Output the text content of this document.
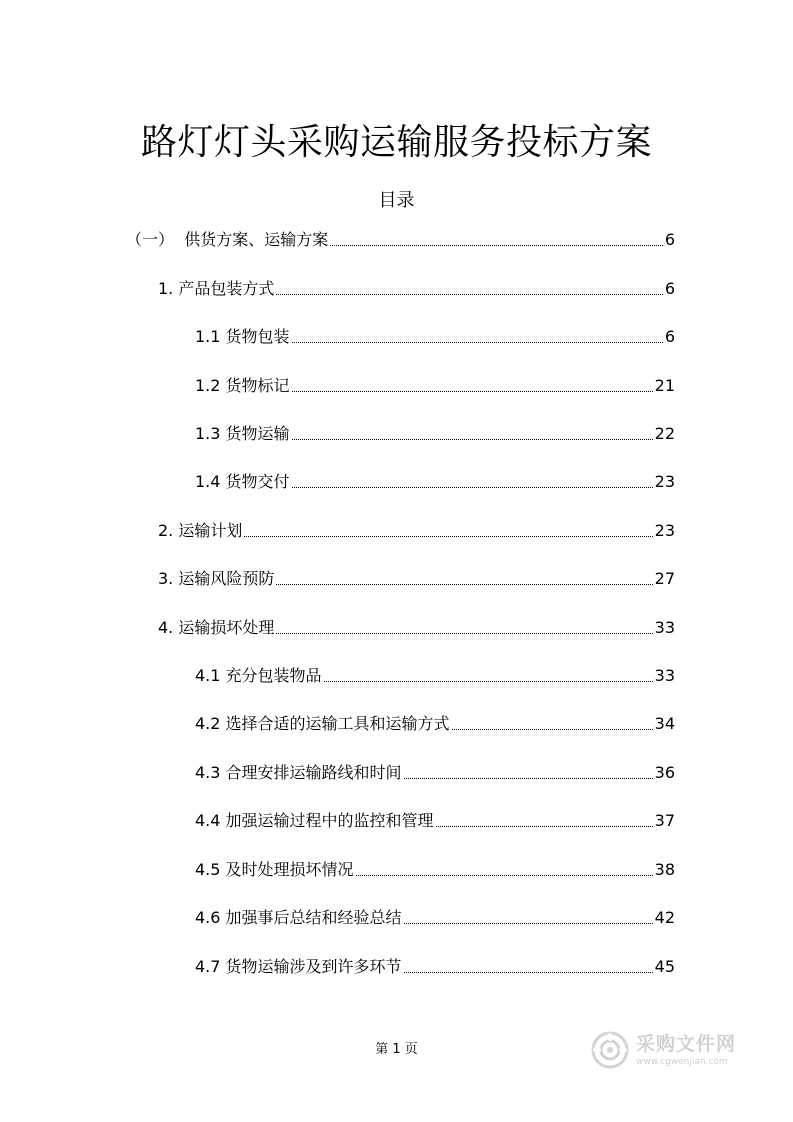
路灯灯头采购运输服务投标方案
目录
（一） 供货方案、运输方案	6
1. 产品包装方式	6
1.1 货物包装	6
1.2 货物标记	21
1.3 货物运输	22
1.4 货物交付	23
2. 运输计划	23
3. 运输风险预防	27
4. 运输损坏处理	33
4.1 充分包装物品	33
4.2 选择合适的运输工具和运输方式	34
4.3 合理安排运输路线和时间	36
4.4 加强运输过程中的监控和管理	37
4.5 及时处理损坏情况	38
4.6 加强事后总结和经验总结	42
4.7 货物运输涉及到许多环节	45
第 1 页	采购文件网
www.cgwenjian.com
